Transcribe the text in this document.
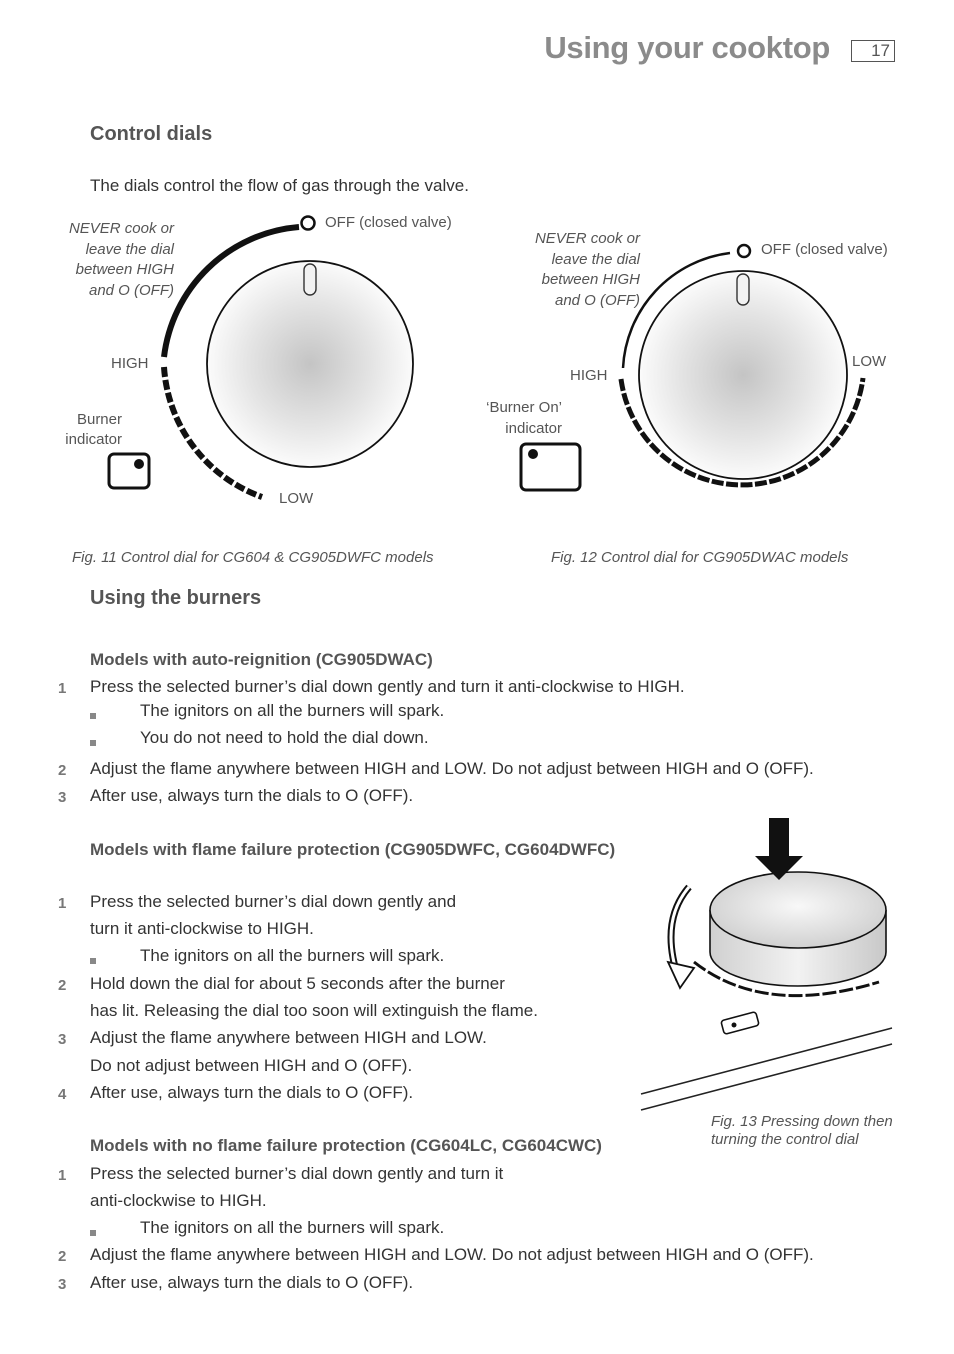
Using your cooktop	17
Control dials
The dials control the flow of gas through the valve.
NEVER cook or
leave the dial
between HIGH
and O (OFF)
OFF (closed valve)
HIGH
LOW
Burner
indicator
Fig. 11 Control dial for CG604 & CG905DWFC models
NEVER cook or
leave the dial
between HIGH
and O (OFF)
OFF (closed valve)
HIGH
LOW
‘Burner On’
indicator
Fig. 12 Control dial for CG905DWAC models
Using the burners
Models with auto-reignition (CG905DWAC)
1	Press the selected burner’s dial down gently and turn it anti-clockwise to HIGH.
The ignitors on all the burners will spark.
You do not need to hold the dial down.
2	Adjust the flame anywhere between HIGH and LOW. Do not adjust between HIGH and O (OFF).
3	After use, always turn the dials to O (OFF).
Models with flame failure protection (CG905DWFC, CG604DWFC)
1	Press the selected burner’s dial down gently and
turn it anti-clockwise to HIGH.
The ignitors on all the burners will spark.
2	Hold down the dial for about 5 seconds after the burner
has lit. Releasing the dial too soon will extinguish the flame.
3	Adjust the flame anywhere between HIGH and LOW.
Do not adjust between HIGH and O (OFF).
4	After use, always turn the dials to O (OFF).
Fig. 13 Pressing down then
turning the control dial
Models with no flame failure protection (CG604LC, CG604CWC)
1	Press the selected burner’s dial down gently and turn it
anti-clockwise to HIGH.
The ignitors on all the burners will spark.
2	Adjust the flame anywhere between HIGH and LOW. Do not adjust between HIGH and O (OFF).
3	After use, always turn the dials to O (OFF).
